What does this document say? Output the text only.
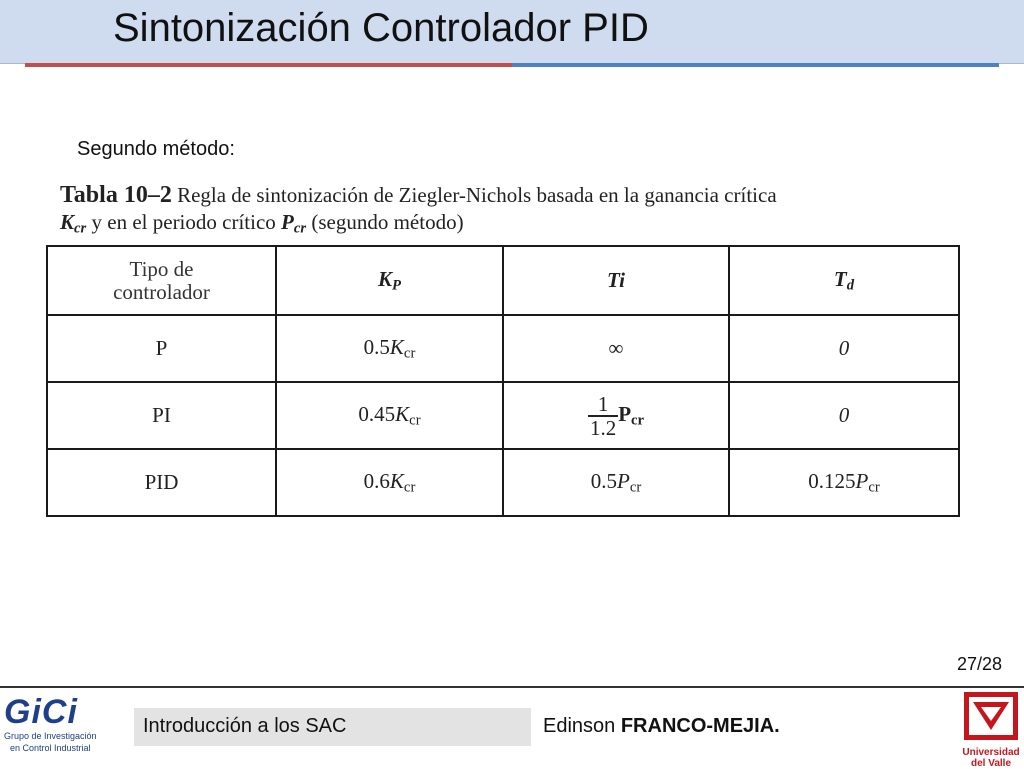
Sintonización Controlador PID
Segundo método:
Tabla 10–2 Regla de sintonización de Ziegler-Nichols basada en la ganancia crítica
$K_{cr}$ y en el periodo crítico $P_{cr}$ (segundo método)
Tipo de
controlador	$K_P$	Ti	$T_d$
P	$0.5K_{cr}$	∞	0
PI	$0.45K_{cr}$	$\frac{1}{1.2} P_{cr}$	0
PID	$0.6K_{cr}$	$0.5P_{cr}$	$0.125P_{cr}$
27/28
GiCi
Grupo de Investigación
en Control Industrial
Introducción a los SAC	Edinson FRANCO-MEJIA.
Universidad
del Valle
